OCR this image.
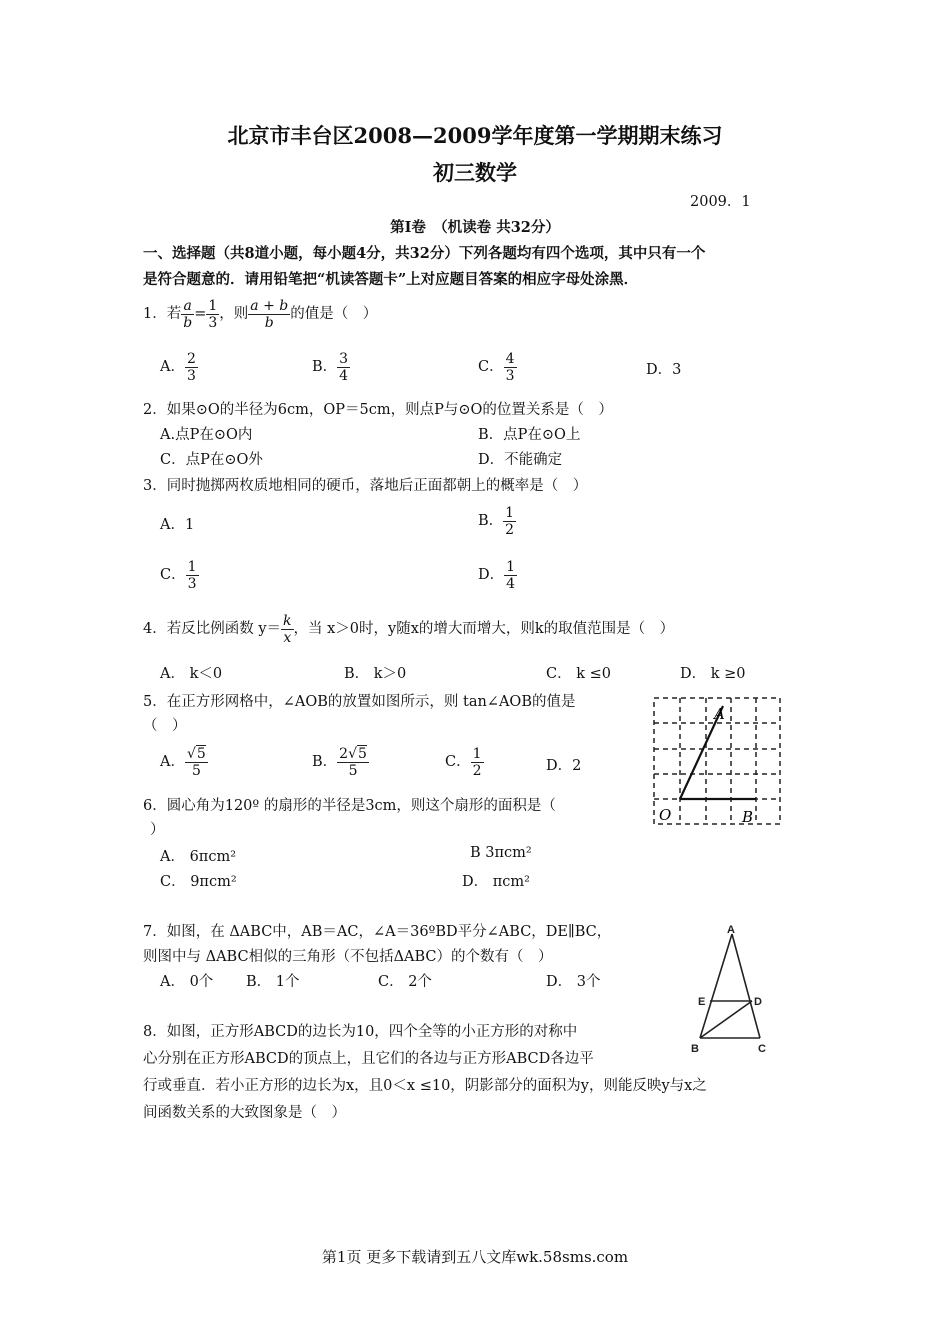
北京市丰台区2008—2009学年度第一学期期末练习
初三数学
2009．1
第Ⅰ卷　（机读卷 共32分）
一、选择题（共8道小题，每小题4分，共32分）下列各题均有四个选项，其中只有一个
是符合题意的．请用铅笔把“机读答题卡”上对应题目答案的相应字母处涂黑．
1．若 $\frac{a}{b} = \frac{1}{3}$ ，则 $\frac{a + b}{b}$ 的值是（　）
A． $\frac{2}{3}$	B． $\frac{3}{4}$	C． $\frac{4}{3}$	D．3
2．如果⊙O的半径为6cm，OP＝5cm，则点P与⊙O的位置关系是（　）
A.点P在⊙O内	B．点P在⊙O上
C．点P在⊙O外	D．不能确定
3．同时抛掷两枚质地相同的硬币，落地后正面都朝上的概率是（　）
A．1	B． $\frac{1}{2}$
C． $\frac{1}{3}$	D． $\frac{1}{4}$
4．若反比例函数 $y= \frac{k}{x}$ ，当 x＞0时，y随x的增大而增大，则k的取值范围是（　）
A． k＜0	B． k＞0	C． k ≤0	D． k ≥0
5．在正方形网格中，∠AOB的放置如图所示，则 tan∠AOB的值是
（　）
A． $\frac{√5}{5}$	B． $\frac{2√5}{5}$	C． $\frac{1}{2}$	D．2
A
O	B
6．圆心角为120º 的扇形的半径是3cm，则这个扇形的面积是（
）
A． 6πcm²	B 3πcm²
C． 9πcm²	D． πcm²
7．如图，在 ΔABC中，AB＝AC，∠A＝36ºBD平分∠ABC，DE∥BC，
则图中与 ΔABC相似的三角形（不包括ΔABC）的个数有（　）
A． 0个 B． 1个	C． 2个	D． 3个
A
B	C
D
E
8．如图，正方形ABCD的边长为10，四个全等的小正方形的对称中
心分别在正方形ABCD的顶点上，且它们的各边与正方形ABCD各边平
行或垂直．若小正方形的边长为x，且0＜x ≤10，阴影部分的面积为y，则能反映y与x之
间函数关系的大致图象是（　）
第1页 更多下载请到五八文库wk.58sms.com
